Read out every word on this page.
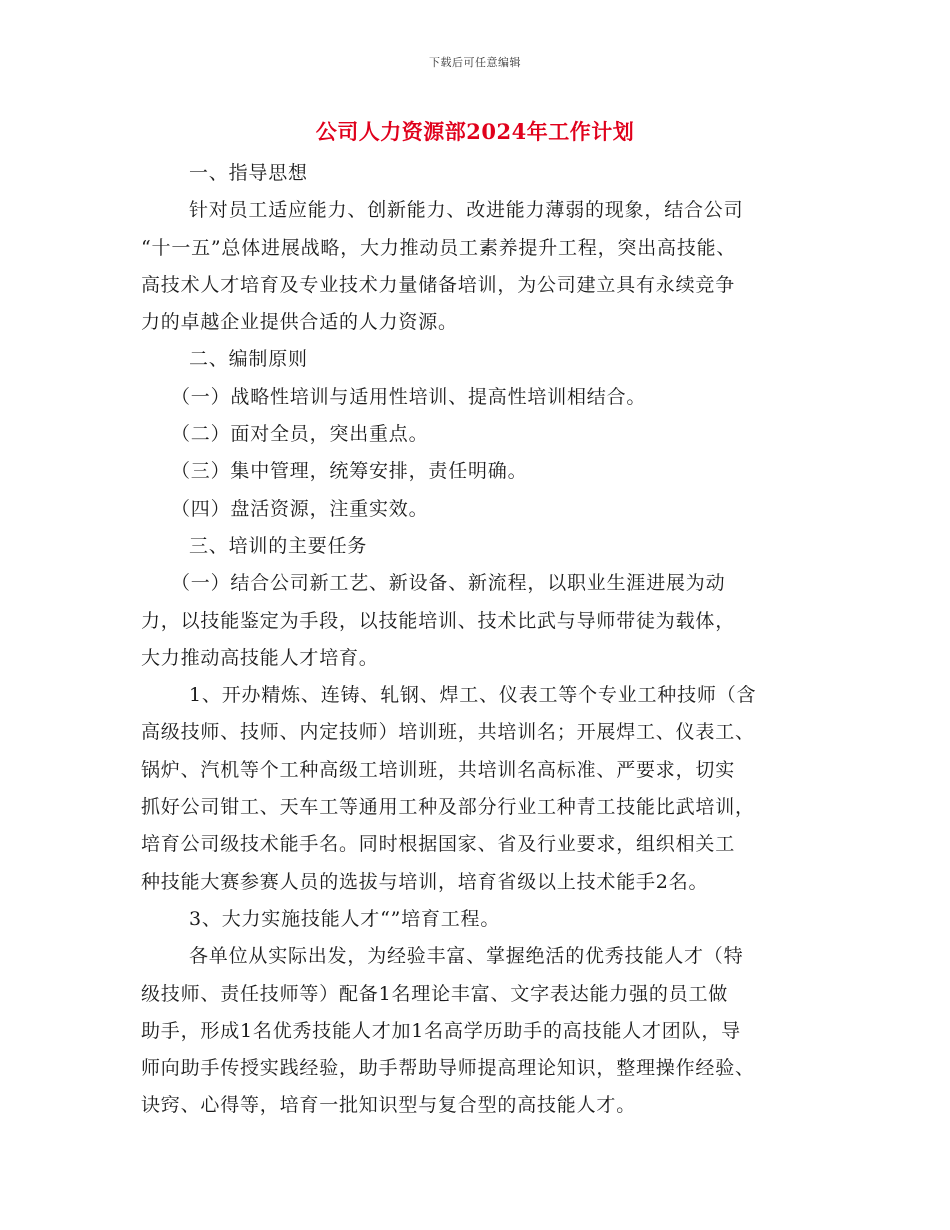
下载后可任意编辑
公司人力资源部2024年工作计划
一、指导思想
针对员工适应能力、创新能力、改进能力薄弱的现象，结合公司
“十一五”总体进展战略，大力推动员工素养提升工程，突出高技能、
高技术人才培育及专业技术力量储备培训，为公司建立具有永续竞争
力的卓越企业提供合适的人力资源。
二、编制原则
（一）战略性培训与适用性培训、提高性培训相结合。
（二）面对全员，突出重点。
（三）集中管理，统筹安排，责任明确。
（四）盘活资源，注重实效。
三、培训的主要任务
（一）结合公司新工艺、新设备、新流程，以职业生涯进展为动
力，以技能鉴定为手段，以技能培训、技术比武与导师带徒为载体，
大力推动高技能人才培育。
1、开办精炼、连铸、轧钢、焊工、仪表工等个专业工种技师（含
高级技师、技师、内定技师）培训班，共培训名；开展焊工、仪表工、
锅炉、汽机等个工种高级工培训班，共培训名高标准、严要求，切实
抓好公司钳工、天车工等通用工种及部分行业工种青工技能比武培训，
培育公司级技术能手名。同时根据国家、省及行业要求，组织相关工
种技能大赛参赛人员的选拔与培训，培育省级以上技术能手2名。
3、大力实施技能人才“”培育工程。
各单位从实际出发，为经验丰富、掌握绝活的优秀技能人才（特
级技师、责任技师等）配备1名理论丰富、文字表达能力强的员工做
助手，形成1名优秀技能人才加1名高学历助手的高技能人才团队，导
师向助手传授实践经验，助手帮助导师提高理论知识，整理操作经验、
诀窍、心得等，培育一批知识型与复合型的高技能人才。
